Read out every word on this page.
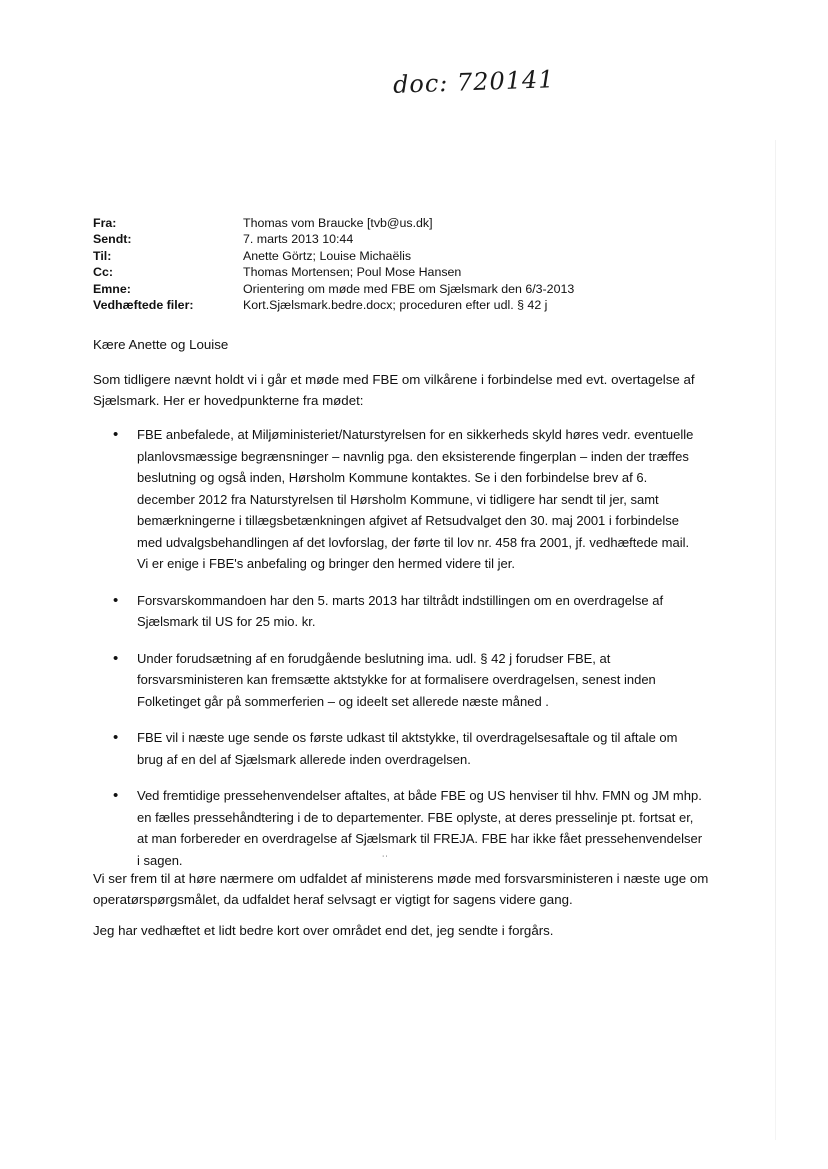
doc: 720141
Fra:	Thomas vom Braucke [tvb@us.dk]
Sendt:	7. marts 2013 10:44
Til:	Anette Görtz; Louise Michaëlis
Cc:	Thomas Mortensen; Poul Mose Hansen
Emne:	Orientering om møde med FBE om Sjælsmark den 6/3-2013
Vedhæftede filer:	Kort.Sjælsmark.bedre.docx; proceduren efter udl. § 42 j
Kære Anette og Louise
Som tidligere nævnt holdt vi i går et møde med FBE om vilkårene i forbindelse med evt. overtagelse af Sjælsmark. Her er hovedpunkterne fra mødet:
• FBE anbefalede, at Miljøministeriet/Naturstyrelsen for en sikkerheds skyld høres vedr. eventuelle planlovsmæssige begrænsninger – navnlig pga. den eksisterende fingerplan – inden der træffes beslutning og også inden, Hørsholm Kommune kontaktes. Se i den forbindelse brev af 6. december 2012 fra Naturstyrelsen til Hørsholm Kommune, vi tidligere har sendt til jer, samt bemærkningerne i tillægsbetænkningen afgivet af Retsudvalget den 30. maj 2001 i forbindelse med udvalgsbehandlingen af det lovforslag, der førte til lov nr. 458 fra 2001, jf. vedhæftede mail. Vi er enige i FBE's anbefaling og bringer den hermed videre til jer.
• Forsvarskommandoen har den 5. marts 2013 har tiltrådt indstillingen om en overdragelse af Sjælsmark til US for 25 mio. kr.
• Under forudsætning af en forudgående beslutning ima. udl. § 42 j forudser FBE, at forsvarsministeren kan fremsætte aktstykke for at formalisere overdragelsen, senest inden Folketinget går på sommerferien – og ideelt set allerede næste måned .
• FBE vil i næste uge sende os første udkast til aktstykke, til overdragelsesaftale og til aftale om brug af en del af Sjælsmark allerede inden overdragelsen.
• Ved fremtidige pressehenvendelser aftaltes, at både FBE og US henviser til hhv. FMN og JM mhp. en fælles pressehåndtering i de to departementer. FBE oplyste, at deres presselinje pt. fortsat er, at man forbereder en overdragelse af Sjælsmark til FREJA. FBE har ikke fået pressehenvendelser i sagen.	˙˙
Vi ser frem til at høre nærmere om udfaldet af ministerens møde med forsvarsministeren i næste uge om operatørspørgsmålet, da udfaldet heraf selvsagt er vigtigt for sagens videre gang.
Jeg har vedhæftet et lidt bedre kort over området end det, jeg sendte i forgårs.
